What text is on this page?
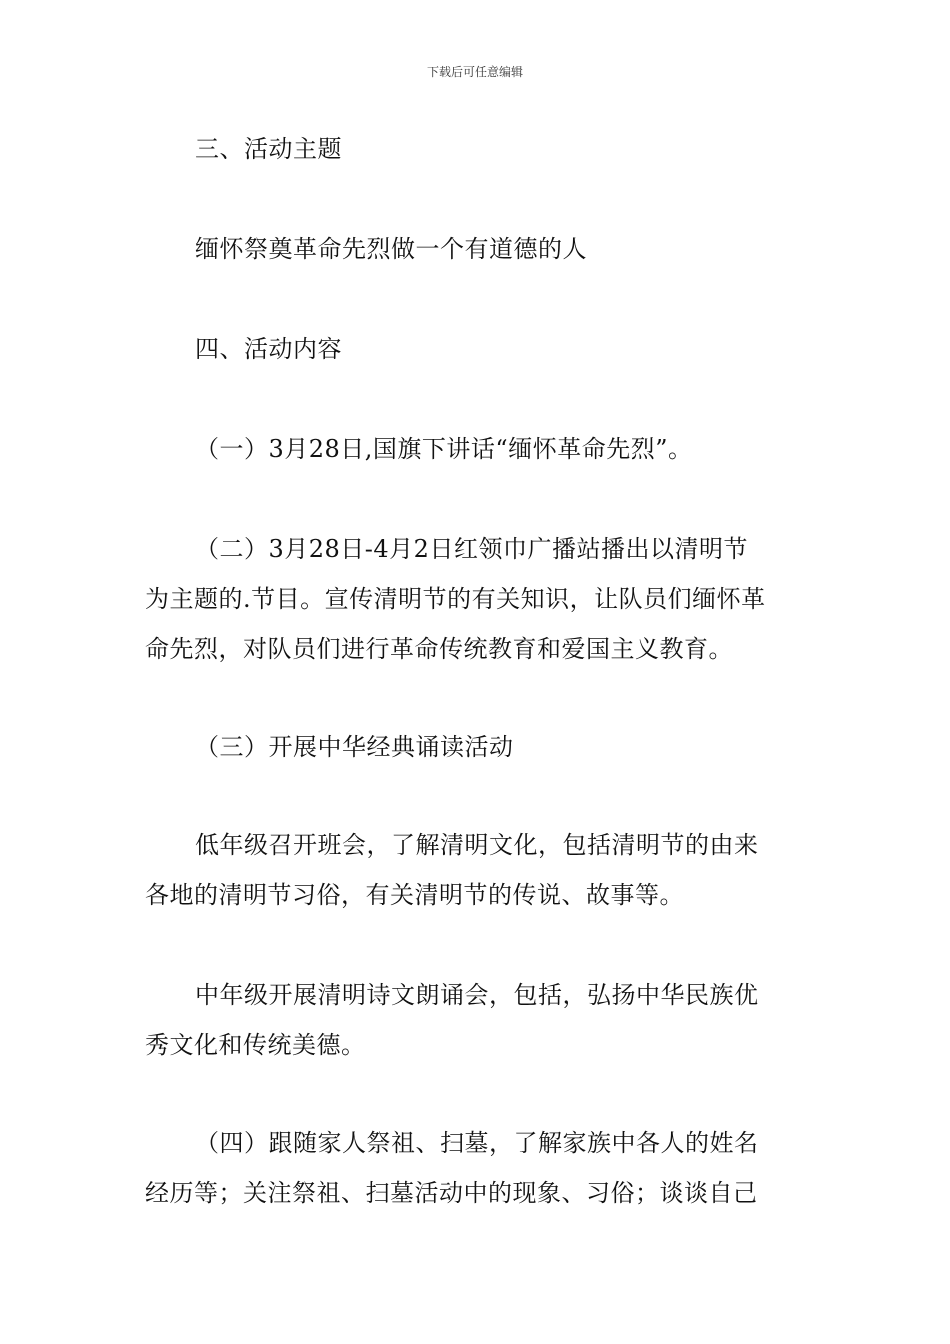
下载后可任意编辑
三、活动主题
缅怀祭奠革命先烈做一个有道德的人
四、活动内容
（一）3月28日,国旗下讲话“缅怀革命先烈”。
（二）3月28日-4月2日红领巾广播站播出以清明节
为主题的.节目。宣传清明节的有关知识，让队员们缅怀革
命先烈，对队员们进行革命传统教育和爱国主义教育。
（三）开展中华经典诵读活动
低年级召开班会，了解清明文化，包括清明节的由来
各地的清明节习俗，有关清明节的传说、故事等。
中年级开展清明诗文朗诵会，包括，弘扬中华民族优
秀文化和传统美德。
（四）跟随家人祭祖、扫墓，了解家族中各人的姓名
经历等；关注祭祖、扫墓活动中的现象、习俗；谈谈自己
